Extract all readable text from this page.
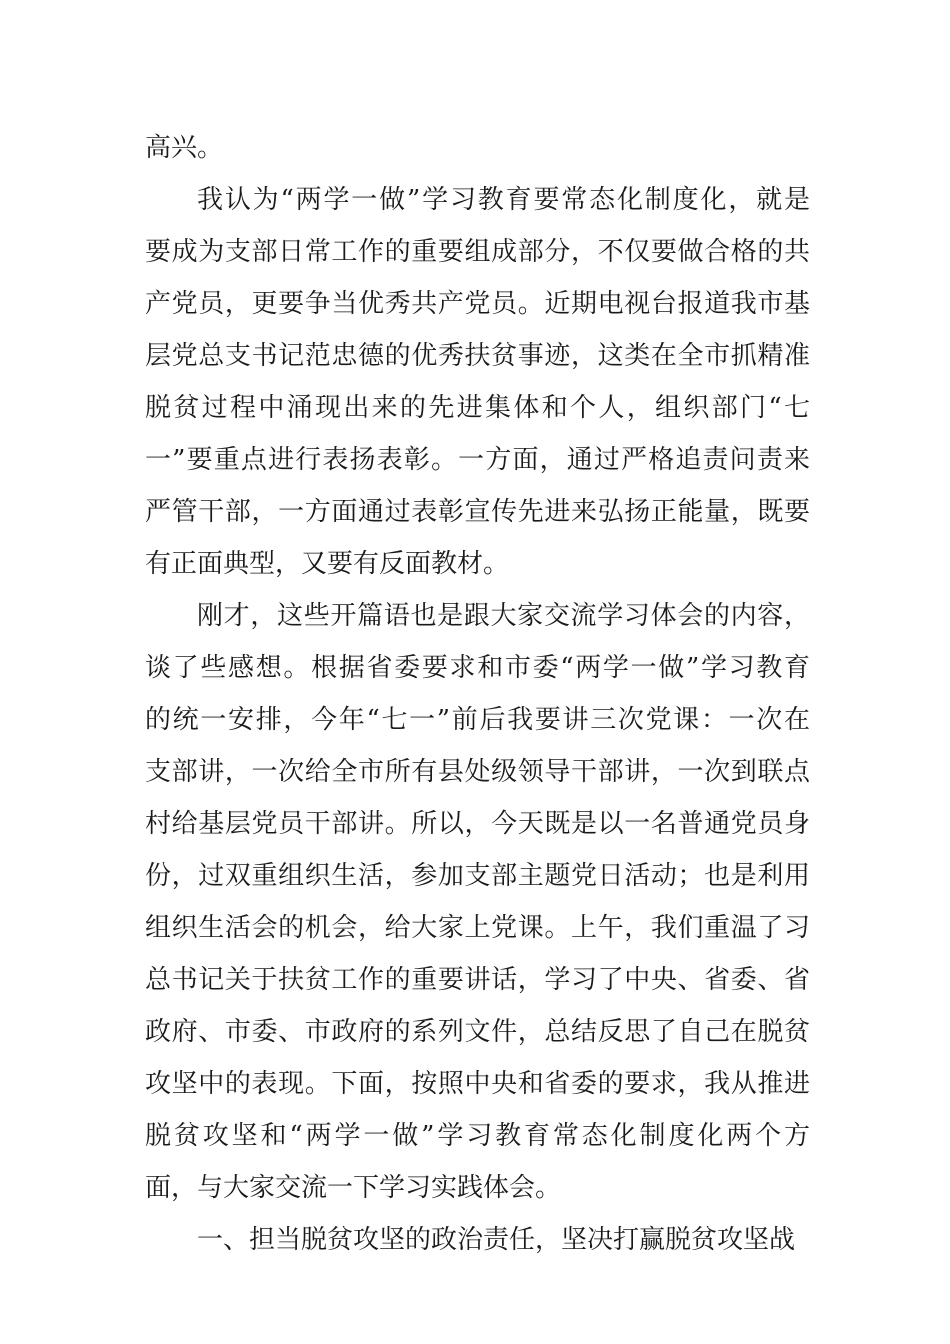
高兴。
我认为“两学一做”学习教育要常态化制度化，就是
要成为支部日常工作的重要组成部分，不仅要做合格的共
产党员，更要争当优秀共产党员。近期电视台报道我市基
层党总支书记范忠德的优秀扶贫事迹，这类在全市抓精准
脱贫过程中涌现出来的先进集体和个人，组织部门“七
一”要重点进行表扬表彰。一方面，通过严格追责问责来
严管干部，一方面通过表彰宣传先进来弘扬正能量，既要
有正面典型，又要有反面教材。
刚才，这些开篇语也是跟大家交流学习体会的内容，
谈了些感想。根据省委要求和市委“两学一做”学习教育
的统一安排，今年“七一”前后我要讲三次党课：一次在
支部讲，一次给全市所有县处级领导干部讲，一次到联点
村给基层党员干部讲。所以，今天既是以一名普通党员身
份，过双重组织生活，参加支部主题党日活动；也是利用
组织生活会的机会，给大家上党课。上午，我们重温了习
总书记关于扶贫工作的重要讲话，学习了中央、省委、省
政府、市委、市政府的系列文件，总结反思了自己在脱贫
攻坚中的表现。下面，按照中央和省委的要求，我从推进
脱贫攻坚和“两学一做”学习教育常态化制度化两个方
面，与大家交流一下学习实践体会。
一、担当脱贫攻坚的政治责任，坚决打赢脱贫攻坚战
